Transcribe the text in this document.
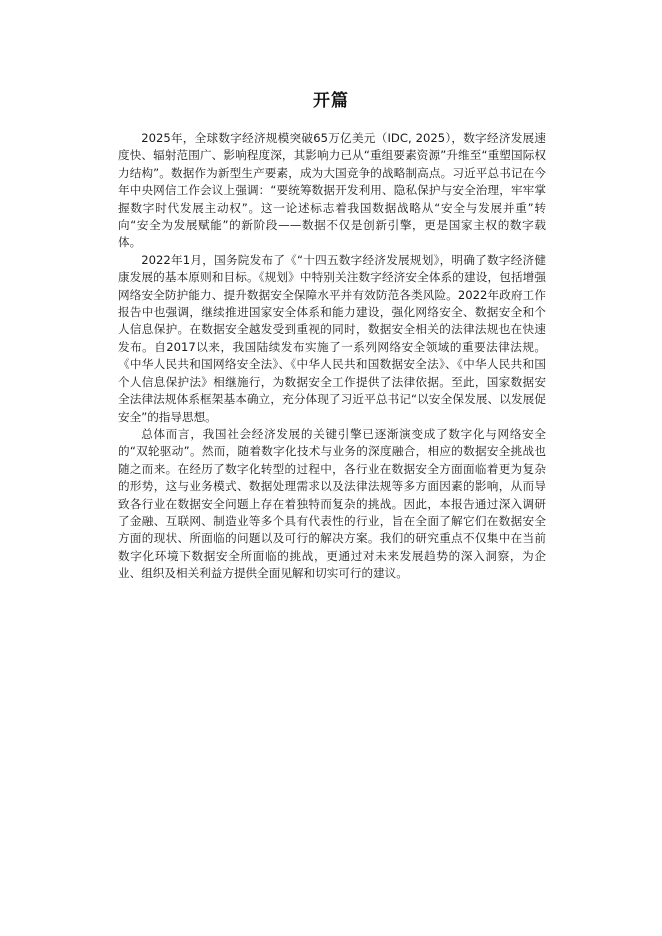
开篇

2025年，全球数字经济规模突破65万亿美元（IDC, 2025），数字经济发展速度快、辐射范围广、影响程度深，其影响力已从“重组要素资源”升维至“重塑国际权力结构”。数据作为新型生产要素，成为大国竞争的战略制高点。习近平总书记在今年中央网信工作会议上强调：“要统筹数据开发利用、隐私保护与安全治理，牢牢掌握数字时代发展主动权”。这一论述标志着我国数据战略从“安全与发展并重”转向“安全为发展赋能”的新阶段——数据不仅是创新引擎，更是国家主权的数字载体。

2022年1月，国务院发布了《“十四五数字经济发展规划》，明确了数字经济健康发展的基本原则和目标。《规划》中特别关注数字经济安全体系的建设，包括增强网络安全防护能力、提升数据安全保障水平并有效防范各类风险。2022年政府工作报告中也强调，继续推进国家安全体系和能力建设，强化网络安全、数据安全和个人信息保护。在数据安全越发受到重视的同时，数据安全相关的法律法规也在快速发布。自2017以来，我国陆续发布实施了一系列网络安全领域的重要法律法规。《中华人民共和国网络安全法》、《中华人民共和国数据安全法》、《中华人民共和国个人信息保护法》相继施行，为数据安全工作提供了法律依据。至此，国家数据安全法律法规体系框架基本确立，充分体现了习近平总书记“以安全保发展、以发展促安全”的指导思想。

总体而言，我国社会经济发展的关键引擎已逐渐演变成了数字化与网络安全的“双轮驱动”。然而，随着数字化技术与业务的深度融合，相应的数据安全挑战也随之而来。在经历了数字化转型的过程中，各行业在数据安全方面面临着更为复杂的形势，这与业务模式、数据处理需求以及法律法规等多方面因素的影响，从而导致各行业在数据安全问题上存在着独特而复杂的挑战。因此，本报告通过深入调研了金融、互联网、制造业等多个具有代表性的行业，旨在全面了解它们在数据安全方面的现状、所面临的问题以及可行的解决方案。我们的研究重点不仅集中在当前数字化环境下数据安全所面临的挑战，更通过对未来发展趋势的深入洞察，为企业、组织及相关利益方提供全面见解和切实可行的建议。
